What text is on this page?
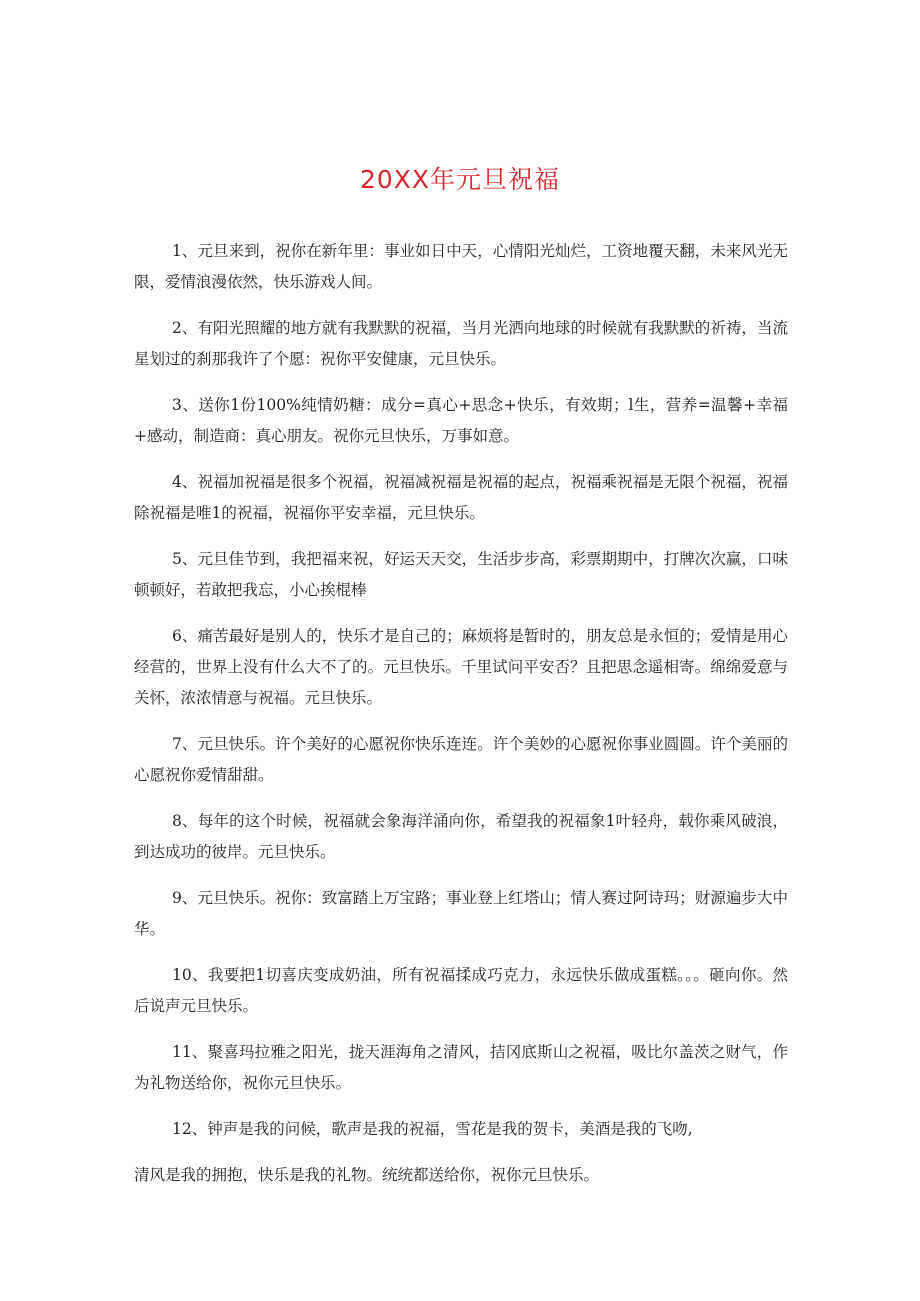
20XX年元旦祝福

1、元旦来到，祝你在新年里：事业如日中天，心情阳光灿烂，工资地覆天翻，未来风光无限，爱情浪漫依然，快乐游戏人间。

2、有阳光照耀的地方就有我默默的祝福，当月光洒向地球的时候就有我默默的祈祷，当流星划过的刹那我许了个愿：祝你平安健康，元旦快乐。

3、送你1份100%纯情奶糖：成分=真心+思念+快乐，有效期；l生，营养=温馨+幸福+感动，制造商：真心朋友。祝你元旦快乐，万事如意。

4、祝福加祝福是很多个祝福，祝福减祝福是祝福的起点，祝福乘祝福是无限个祝福，祝福除祝福是唯1的祝福，祝福你平安幸福，元旦快乐。

5、元旦佳节到，我把福来祝，好运天天交，生活步步高，彩票期期中，打牌次次赢，口味顿顿好，若敢把我忘，小心挨棍棒

6、痛苦最好是别人的，快乐才是自己的；麻烦将是暂时的，朋友总是永恒的；爱情是用心经营的，世界上没有什么大不了的。元旦快乐。千里试问平安否？且把思念遥相寄。绵绵爱意与关怀，浓浓情意与祝福。元旦快乐。

7、元旦快乐。许个美好的心愿祝你快乐连连。许个美妙的心愿祝你事业圆圆。许个美丽的心愿祝你爱情甜甜。

8、每年的这个时候，祝福就会象海洋涌向你，希望我的祝福象1叶轻舟，载你乘风破浪，到达成功的彼岸。元旦快乐。

9、元旦快乐。祝你：致富踏上万宝路；事业登上红塔山；情人赛过阿诗玛；财源遍步大中华。

10、我要把1切喜庆变成奶油，所有祝福揉成巧克力，永远快乐做成蛋糕。。。砸向你。然后说声元旦快乐。

11、聚喜玛拉雅之阳光，拢天涯海角之清风，拮冈底斯山之祝福，吸比尔盖茨之财气，作为礼物送给你，祝你元旦快乐。

12、钟声是我的问候，歌声是我的祝福，雪花是我的贺卡，美酒是我的飞吻,

清风是我的拥抱，快乐是我的礼物。统统都送给你，祝你元旦快乐。
